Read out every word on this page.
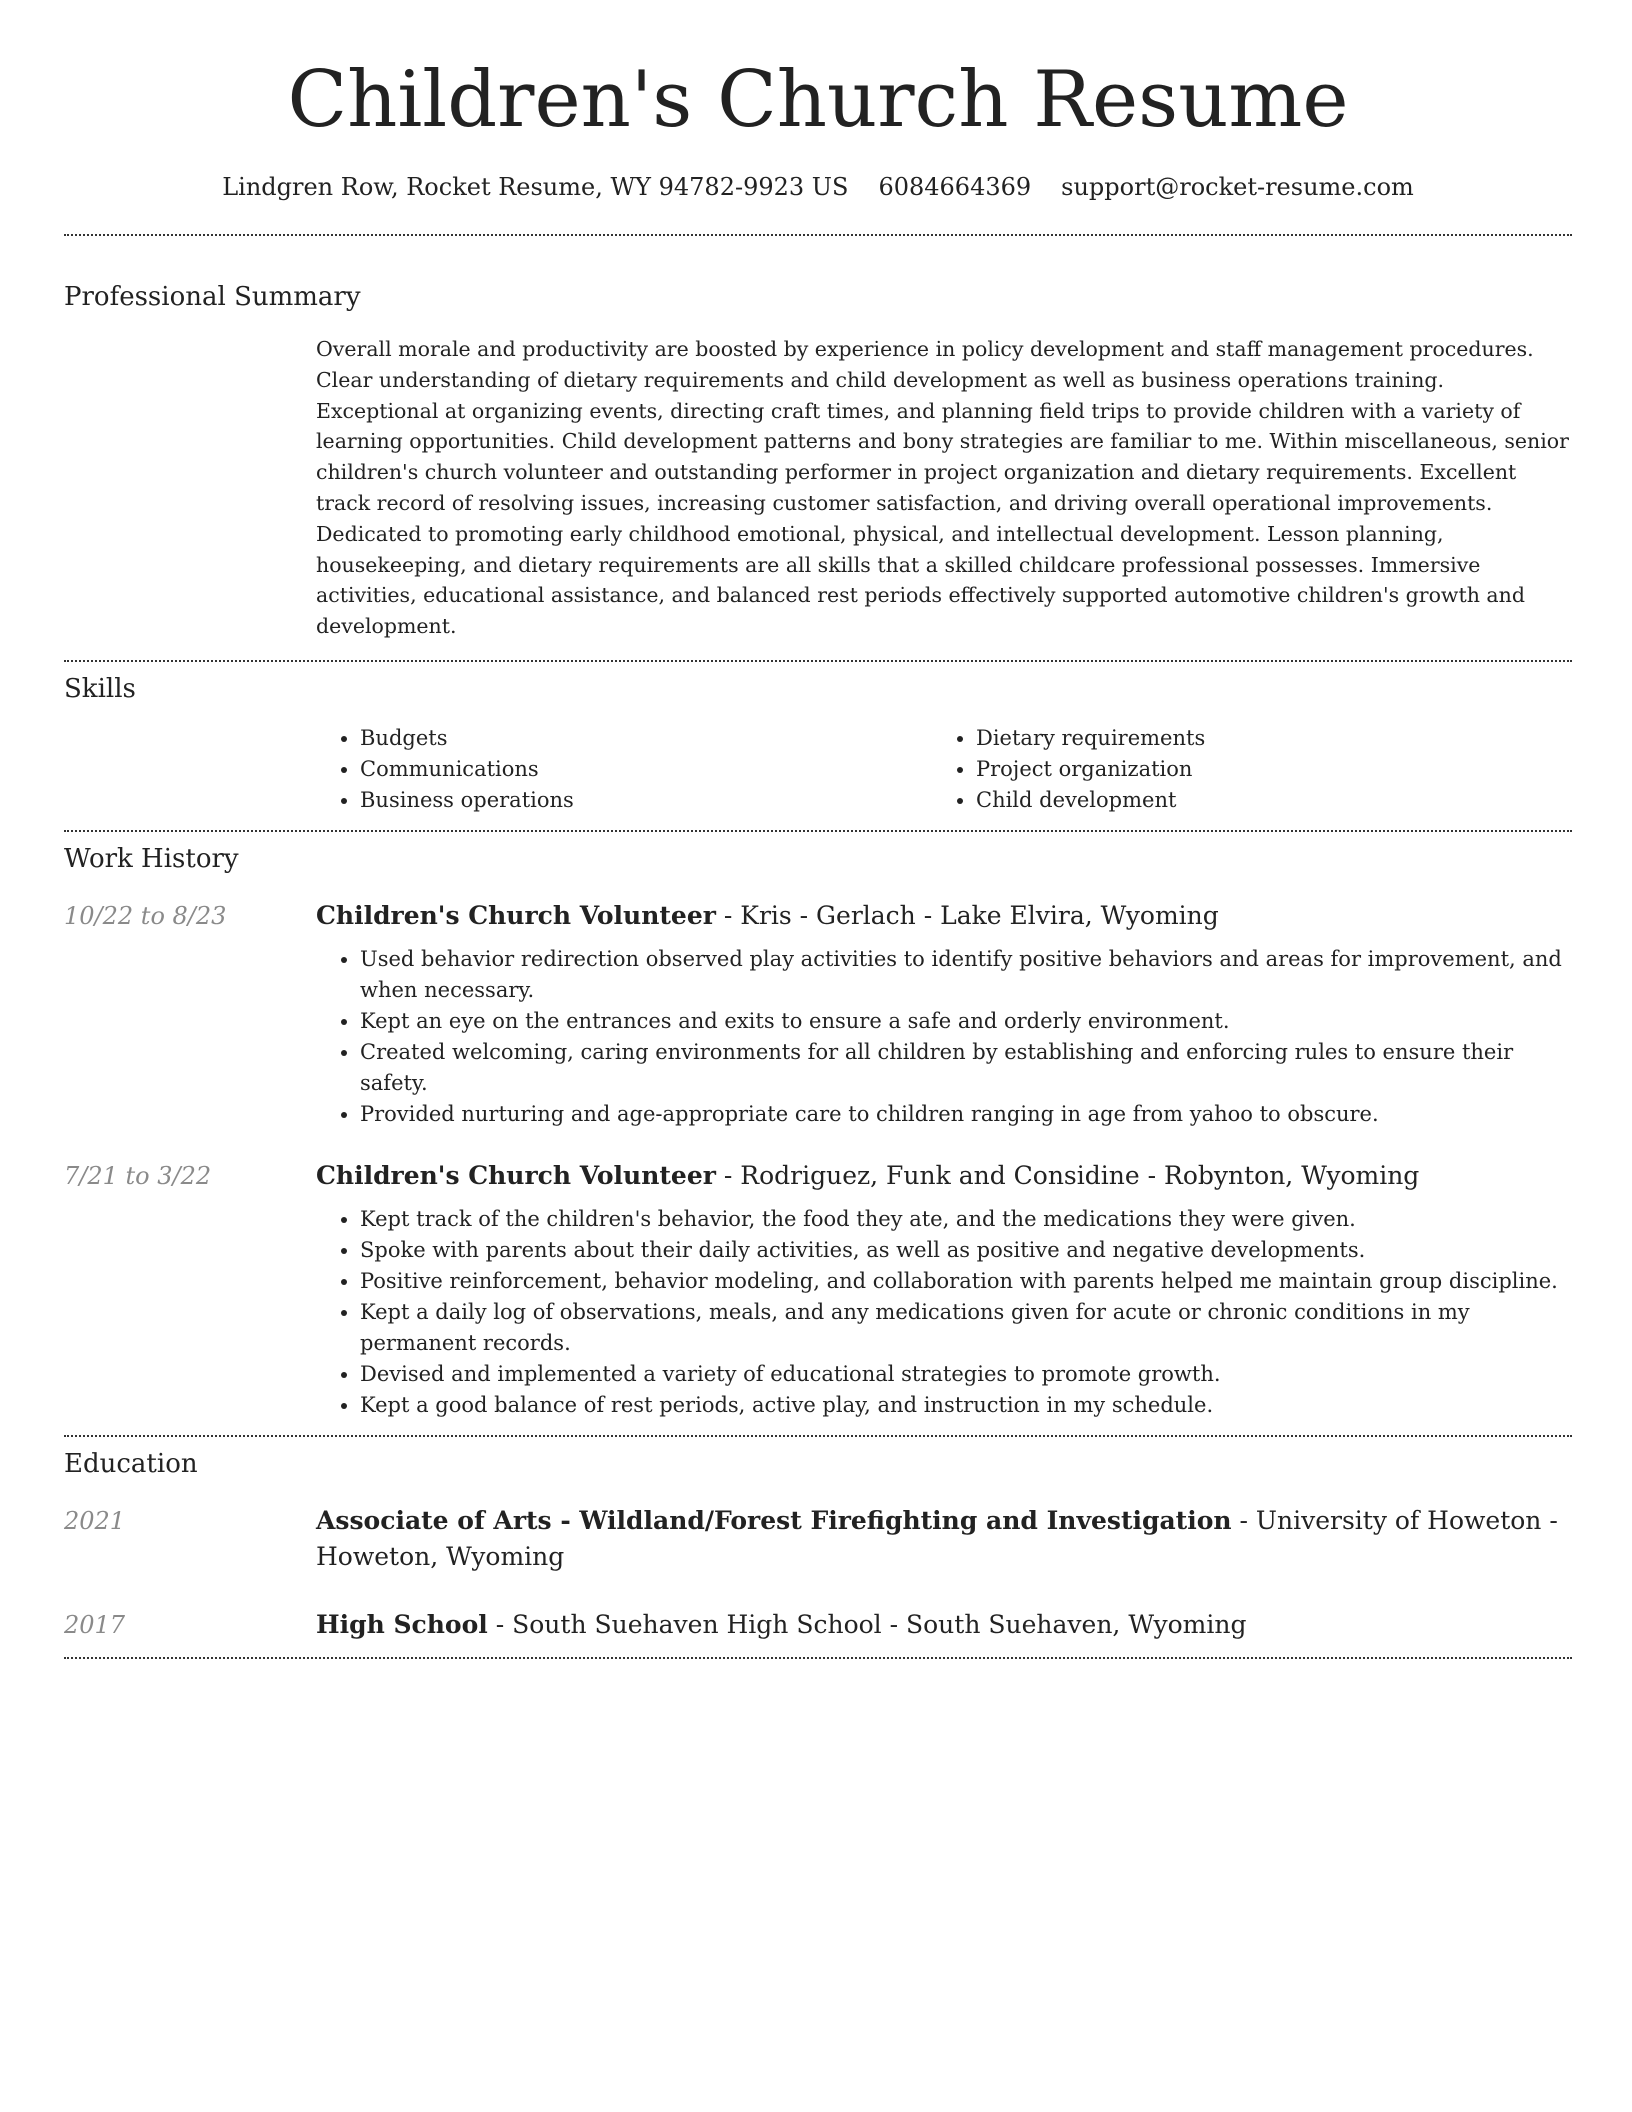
Children's Church Resume
Lindgren Row, Rocket Resume, WY 94782-9923 US 6084664369 support@rocket-resume.com
Professional Summary
Overall morale and productivity are boosted by experience in policy development and staff management procedures. Clear understanding of dietary requirements and child development as well as business operations training. Exceptional at organizing events, directing craft times, and planning field trips to provide children with a variety of learning opportunities. Child development patterns and bony strategies are familiar to me. Within miscellaneous, senior children's church volunteer and outstanding performer in project organization and dietary requirements. Excellent track record of resolving issues, increasing customer satisfaction, and driving overall operational improvements. Dedicated to promoting early childhood emotional, physical, and intellectual development. Lesson planning, housekeeping, and dietary requirements are all skills that a skilled childcare professional possesses. Immersive activities, educational assistance, and balanced rest periods effectively supported automotive children's growth and development.
Skills
• Budgets
• Communications
• Business operations
• Dietary requirements
• Project organization
• Child development
Work History
10/22 to 8/23	Children's Church Volunteer - Kris - Gerlach - Lake Elvira, Wyoming
• Used behavior redirection observed play activities to identify positive behaviors and areas for improvement, and when necessary.
• Kept an eye on the entrances and exits to ensure a safe and orderly environment.
• Created welcoming, caring environments for all children by establishing and enforcing rules to ensure their safety.
• Provided nurturing and age-appropriate care to children ranging in age from yahoo to obscure.
7/21 to 3/22	Children's Church Volunteer - Rodriguez, Funk and Considine - Robynton, Wyoming
• Kept track of the children's behavior, the food they ate, and the medications they were given.
• Spoke with parents about their daily activities, as well as positive and negative developments.
• Positive reinforcement, behavior modeling, and collaboration with parents helped me maintain group discipline.
• Kept a daily log of observations, meals, and any medications given for acute or chronic conditions in my permanent records.
• Devised and implemented a variety of educational strategies to promote growth.
• Kept a good balance of rest periods, active play, and instruction in my schedule.
Education
2021	Associate of Arts - Wildland/Forest Firefighting and Investigation - University of Howeton - Howeton, Wyoming
2017	High School - South Suehaven High School - South Suehaven, Wyoming
